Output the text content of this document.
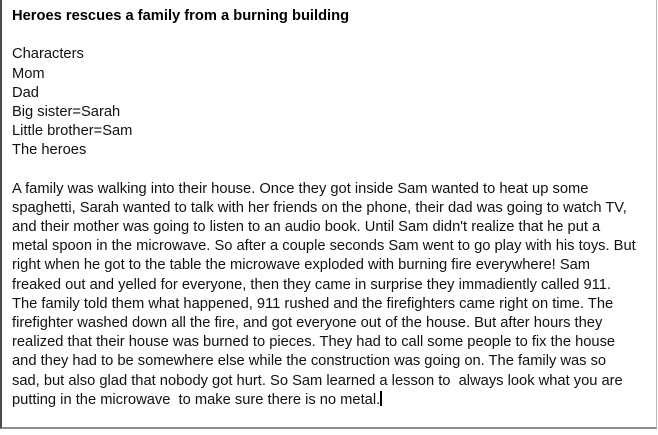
Heroes rescues a family from a burning building
Characters
Mom
Dad
Big sister=Sarah
Little brother=Sam
The heroes
A family was walking into their house. Once they got inside Sam wanted to heat up some
spaghetti, Sarah wanted to talk with her friends on the phone, their dad was going to watch TV,
and their mother was going to listen to an audio book. Until Sam didn't realize that he put a
metal spoon in the microwave. So after a couple seconds Sam went to go play with his toys. But
right when he got to the table the microwave exploded with burning fire everywhere! Sam
freaked out and yelled for everyone, then they came in surprise they immadiently called 911.
The family told them what happened, 911 rushed and the firefighters came right on time. The
firefighter washed down all the fire, and got everyone out of the house. But after hours they
realized that their house was burned to pieces. They had to call some people to fix the house
and they had to be somewhere else while the construction was going on. The family was so
sad, but also glad that nobody got hurt. So Sam learned a lesson to  always look what you are
putting in the microwave  to make sure there is no metal.
